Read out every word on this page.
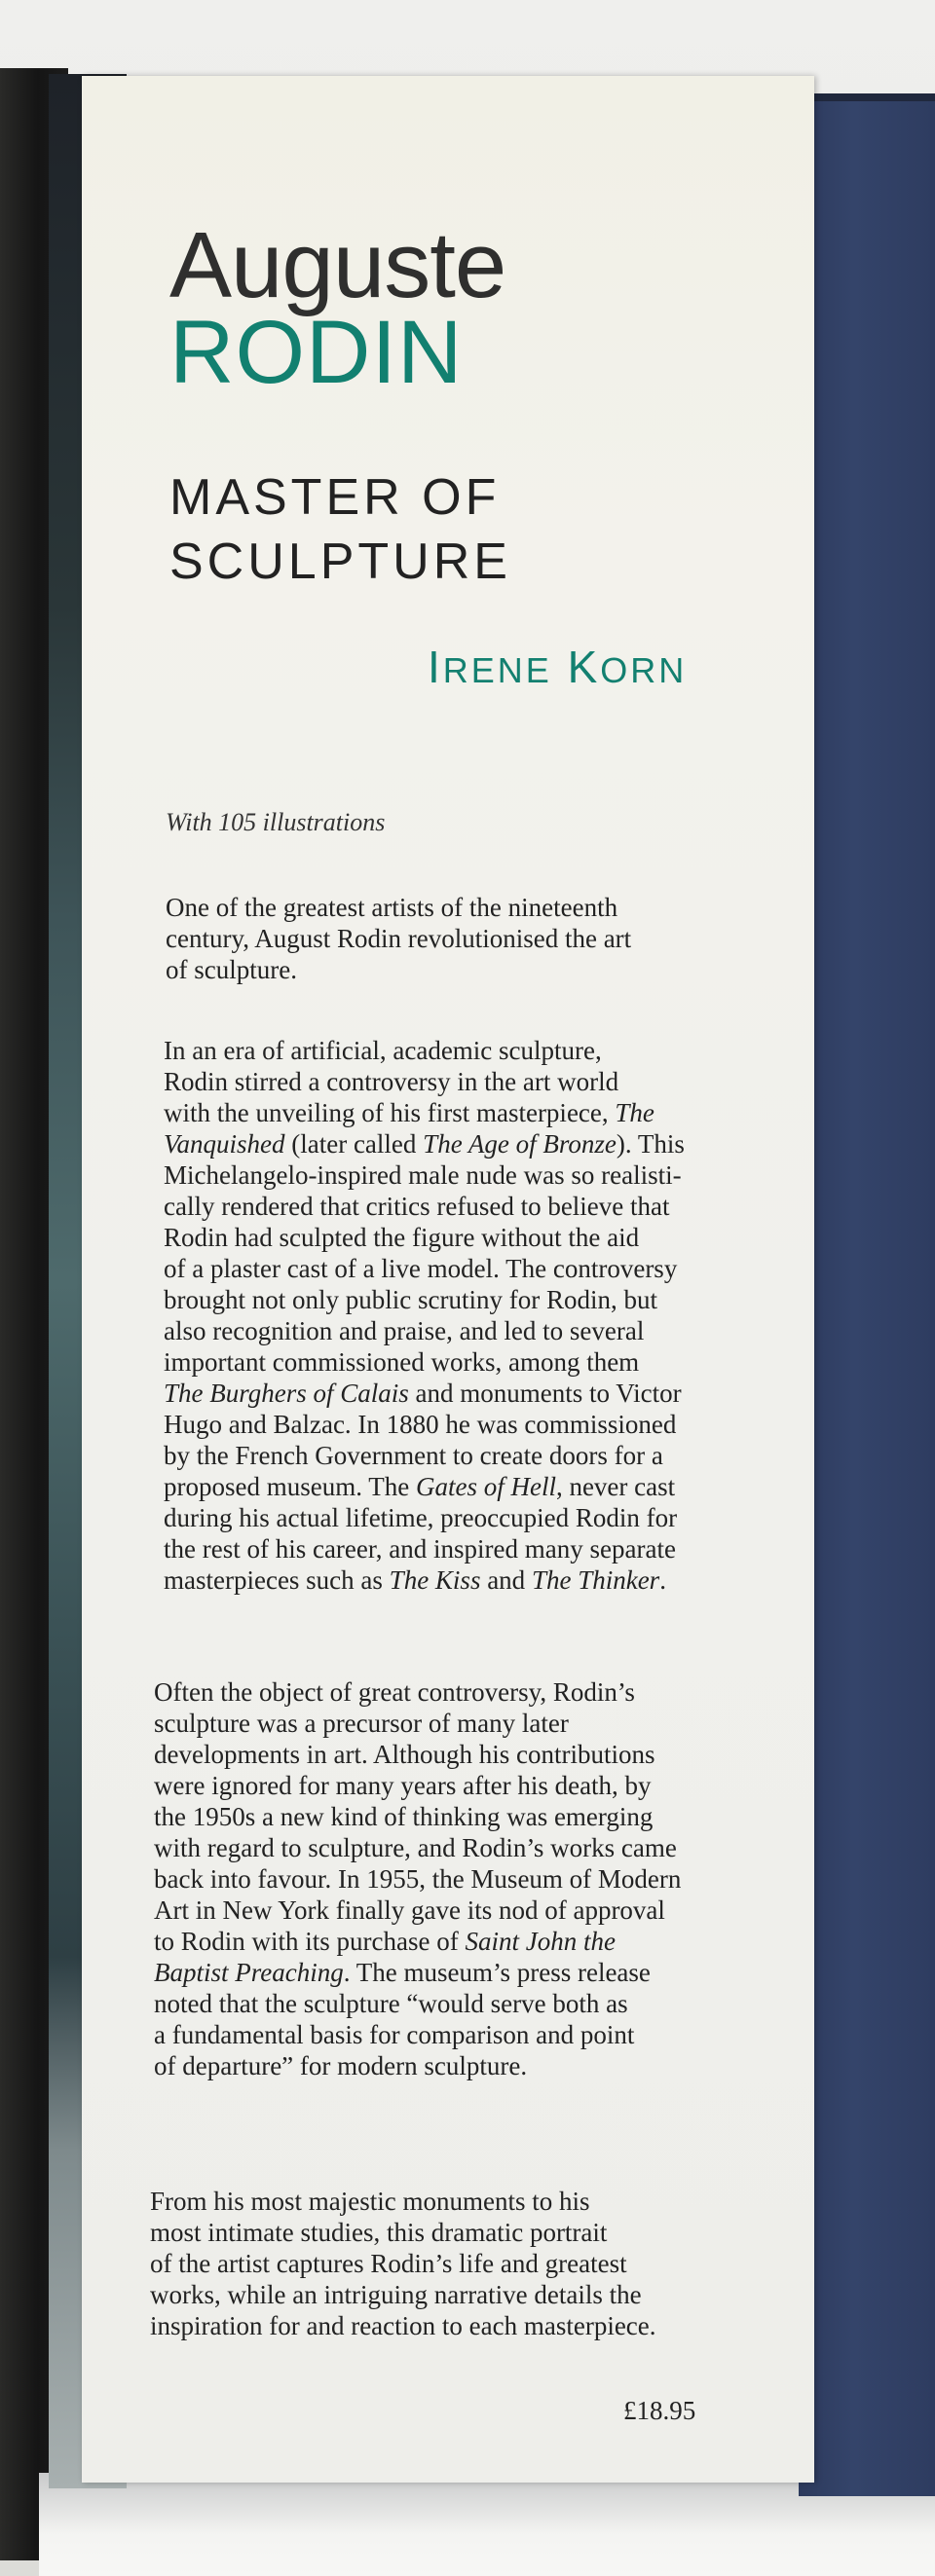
Auguste
RODIN
MASTER OF
SCULPTURE
IRENE KORN

With 105 illustrations

One of the greatest artists of the nineteenth
century, August Rodin revolutionised the art
of sculpture.

In an era of artificial, academic sculpture,
Rodin stirred a controversy in the art world
with the unveiling of his first masterpiece, The
Vanquished (later called The Age of Bronze). This
Michelangelo-inspired male nude was so realisti-
cally rendered that critics refused to believe that
Rodin had sculpted the figure without the aid
of a plaster cast of a live model. The controversy
brought not only public scrutiny for Rodin, but
also recognition and praise, and led to several
important commissioned works, among them
The Burghers of Calais and monuments to Victor
Hugo and Balzac. In 1880 he was commissioned
by the French Government to create doors for a
proposed museum. The Gates of Hell, never cast
during his actual lifetime, preoccupied Rodin for
the rest of his career, and inspired many separate
masterpieces such as The Kiss and The Thinker.

Often the object of great controversy, Rodin’s
sculpture was a precursor of many later
developments in art. Although his contributions
were ignored for many years after his death, by
the 1950s a new kind of thinking was emerging
with regard to sculpture, and Rodin’s works came
back into favour. In 1955, the Museum of Modern
Art in New York finally gave its nod of approval
to Rodin with its purchase of Saint John the
Baptist Preaching. The museum’s press release
noted that the sculpture “would serve both as
a fundamental basis for comparison and point
of departure” for modern sculpture.

From his most majestic monuments to his
most intimate studies, this dramatic portrait
of the artist captures Rodin’s life and greatest
works, while an intriguing narrative details the
inspiration for and reaction to each masterpiece.

£18.95
